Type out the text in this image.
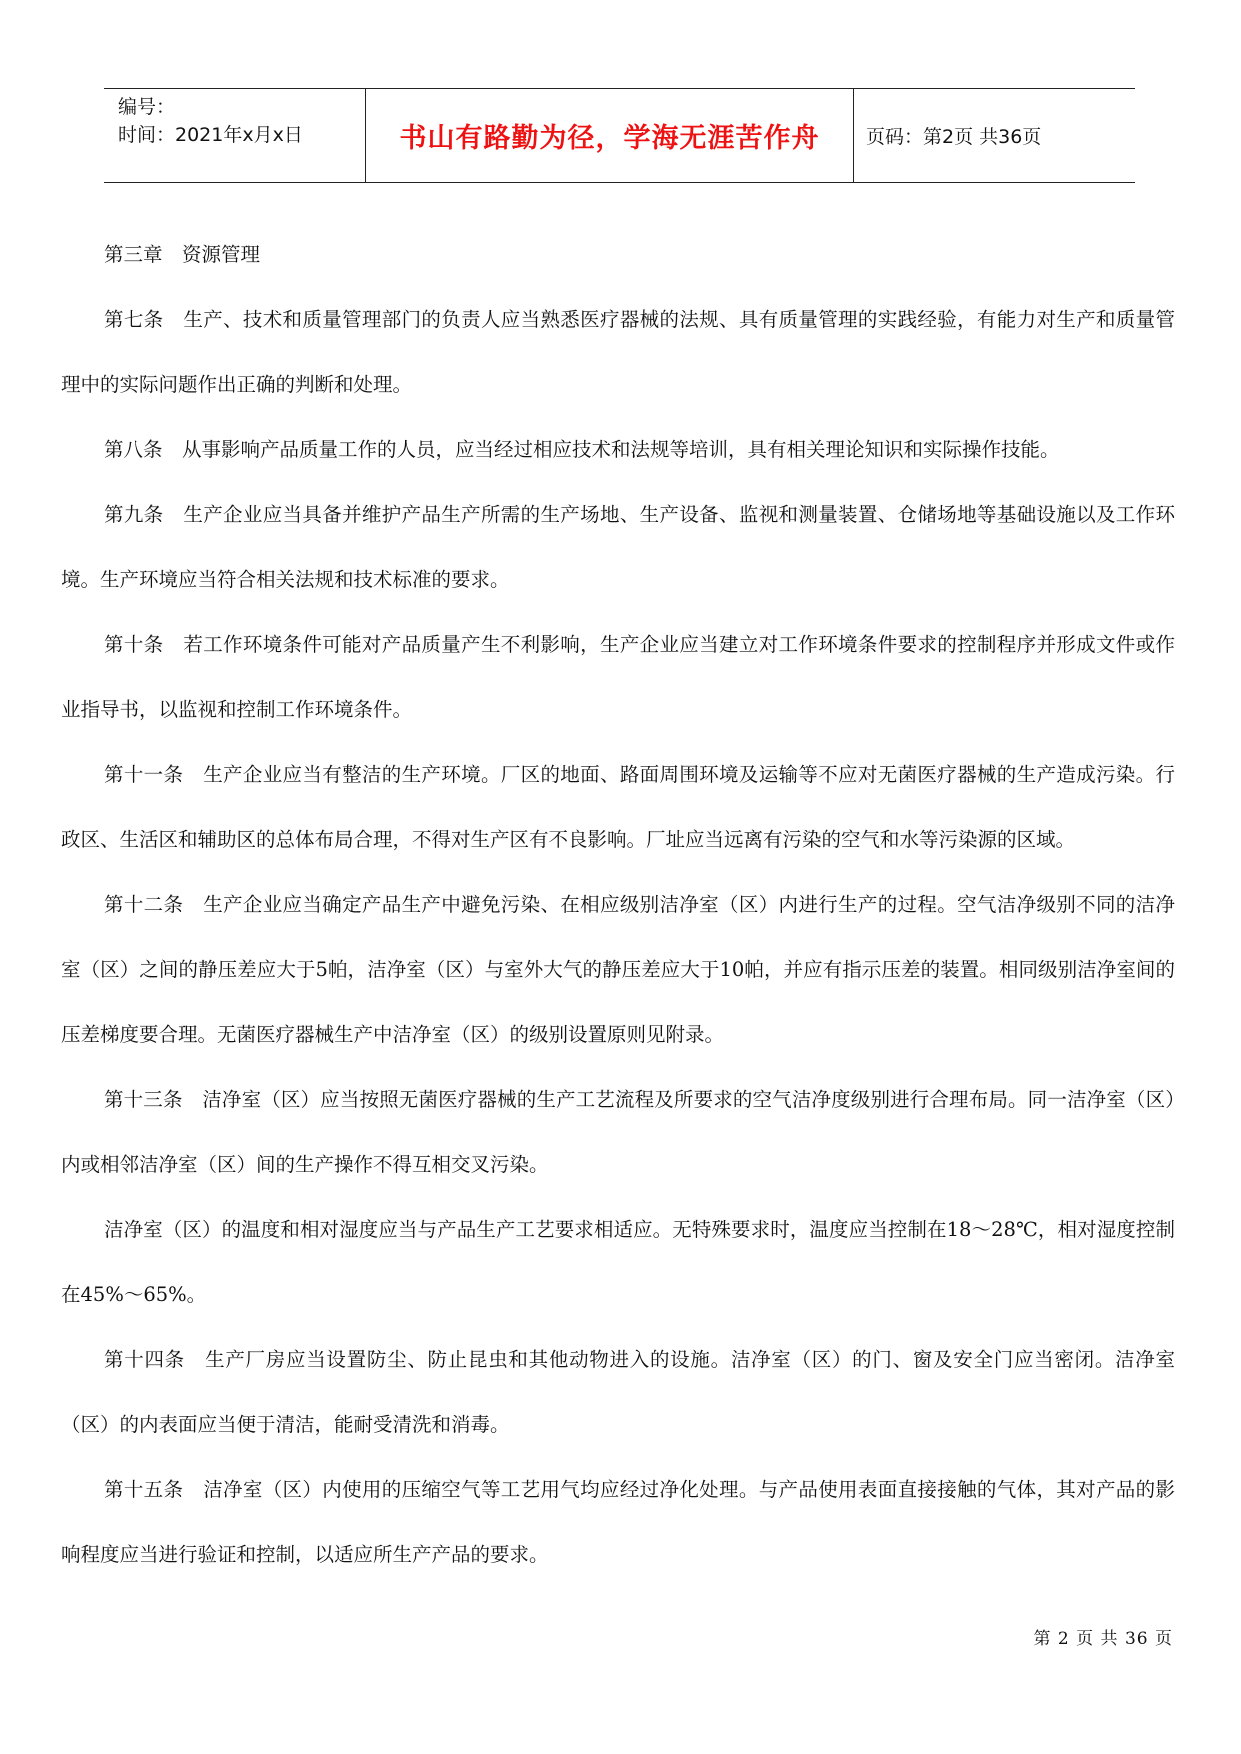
编号：
时间：2021年x月x日	书山有路勤为径，学海无涯苦作舟	页码：第2页 共36页

第三章　资源管理

第七条　生产、技术和质量管理部门的负责人应当熟悉医疗器械的法规、具有质量管理的实践经验，有能力对生产和质量管理中的实际问题作出正确的判断和处理。

第八条　从事影响产品质量工作的人员，应当经过相应技术和法规等培训，具有相关理论知识和实际操作技能。

第九条　生产企业应当具备并维护产品生产所需的生产场地、生产设备、监视和测量装置、仓储场地等基础设施以及工作环境。生产环境应当符合相关法规和技术标准的要求。

第十条　若工作环境条件可能对产品质量产生不利影响，生产企业应当建立对工作环境条件要求的控制程序并形成文件或作业指导书，以监视和控制工作环境条件。

第十一条　生产企业应当有整洁的生产环境。厂区的地面、路面周围环境及运输等不应对无菌医疗器械的生产造成污染。行政区、生活区和辅助区的总体布局合理，不得对生产区有不良影响。厂址应当远离有污染的空气和水等污染源的区域。

第十二条　生产企业应当确定产品生产中避免污染、在相应级别洁净室（区）内进行生产的过程。空气洁净级别不同的洁净室（区）之间的静压差应大于5帕，洁净室（区）与室外大气的静压差应大于10帕，并应有指示压差的装置。相同级别洁净室间的压差梯度要合理。无菌医疗器械生产中洁净室（区）的级别设置原则见附录。

第十三条　洁净室（区）应当按照无菌医疗器械的生产工艺流程及所要求的空气洁净度级别进行合理布局。同一洁净室（区）内或相邻洁净室（区）间的生产操作不得互相交叉污染。

洁净室（区）的温度和相对湿度应当与产品生产工艺要求相适应。无特殊要求时，温度应当控制在18～28℃，相对湿度控制在45%～65%。

第十四条　生产厂房应当设置防尘、防止昆虫和其他动物进入的设施。洁净室（区）的门、窗及安全门应当密闭。洁净室（区）的内表面应当便于清洁，能耐受清洗和消毒。

第十五条　洁净室（区）内使用的压缩空气等工艺用气均应经过净化处理。与产品使用表面直接接触的气体，其对产品的影响程度应当进行验证和控制，以适应所生产产品的要求。

第 2 页 共 36 页
